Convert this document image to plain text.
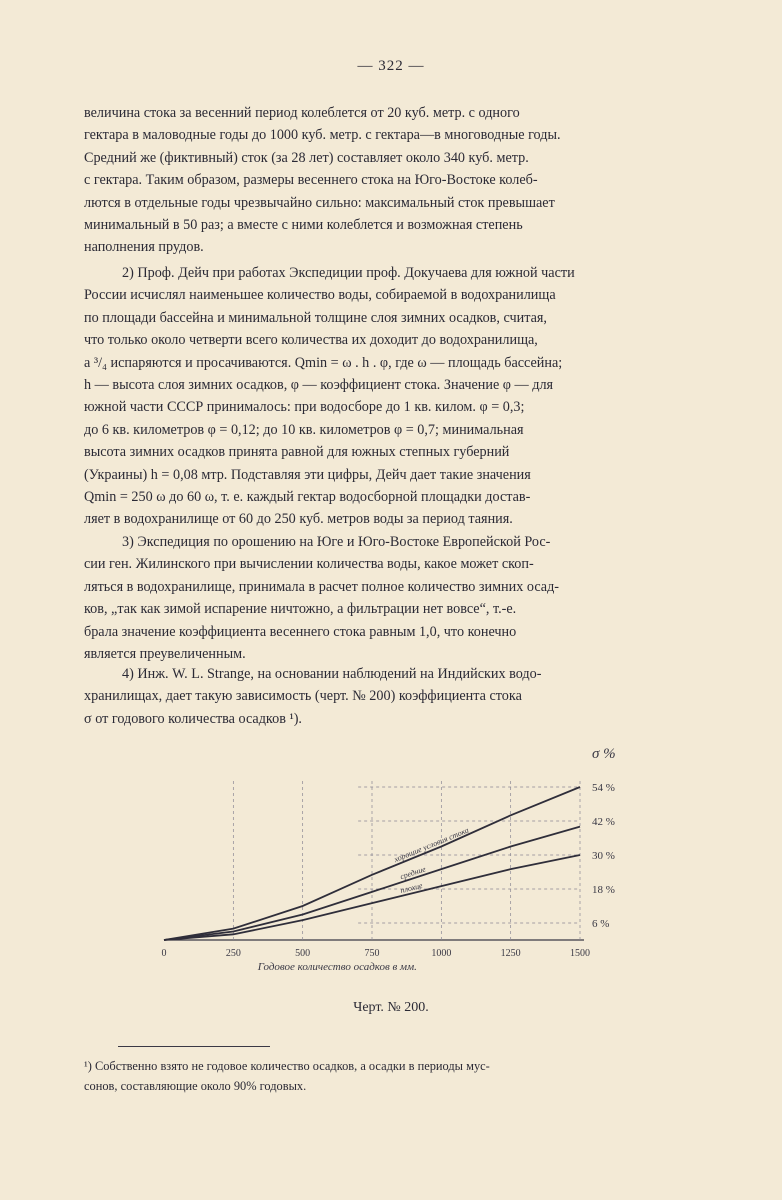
— 322 —
величина стока за весенний период колеблется от 20 куб. метр. с одного
гектара в маловодные годы до 1000 куб. метр. с гектара—в многоводные годы.
Средний же (фиктивный) сток (за 28 лет) составляет около 340 куб. метр.
с гектара. Таким образом, размеры весеннего стока на Юго-Востоке колеб-
лются в отдельные годы чрезвычайно сильно: максимальный сток превышает
минимальный в 50 раз; а вместе с ними колеблется и возможная степень
наполнения прудов.
2) Проф. Дейч при работах Экспедиции проф. Докучаева для южной части
России исчислял наименьшее количество воды, собираемой в водохранилища
по площади бассейна и минимальной толщине слоя зимних осадков, считая,
что только около четверти всего количества их доходит до водохранилища,
а ³/₄ испаряются и просачиваются. Qmin = ω . h . φ, где ω — площадь бассейна;
h — высота слоя зимних осадков, φ — коэффициент стока. Значение φ — для
южной части СССР принималось: при водосборе до 1 кв. килом. φ = 0,3;
до 6 кв. километров φ = 0,12; до 10 кв. километров φ = 0,7; минимальная
высота зимних осадков принята равной для южных степных губерний
(Украины) h = 0,08 мтр. Подставляя эти цифры, Дейч дает такие значения
Qmin = 250 ω до 60 ω, т. е. каждый гектар водосборной площадки достав-
ляет в водохранилище от 60 до 250 куб. метров воды за период таяния.
3) Экспедиция по орошению на Юге и Юго-Востоке Европейской Рос-
сии ген. Жилинского при вычислении количества воды, какое может скоп-
ляться в водохранилище, принимала в расчет полное количество зимних осад-
ков, „так как зимой испарение ничтожно, а фильтрации нет вовсе“, т.-е.
брала значение коэффициента весеннего стока равным 1,0, что конечно
является преувеличенным.
4) Инж. W. L. Strange, на основании наблюдений на Индийских водо-
хранилищах, дает такую зависимость (черт. № 200) коэффициента стока
σ от годового количества осадков ¹).
0	250	500	750	1000	1250	1500
6 %
18 %
30 %
42 %
54 %
σ %
Годовое количество осадков в мм.
хорошие условия стока
средние
плохие
Черт. № 200.
¹) Собственно взято не годовое количество осадков, а осадки в периоды мус-
сонов, составляющие около 90% годовых.
